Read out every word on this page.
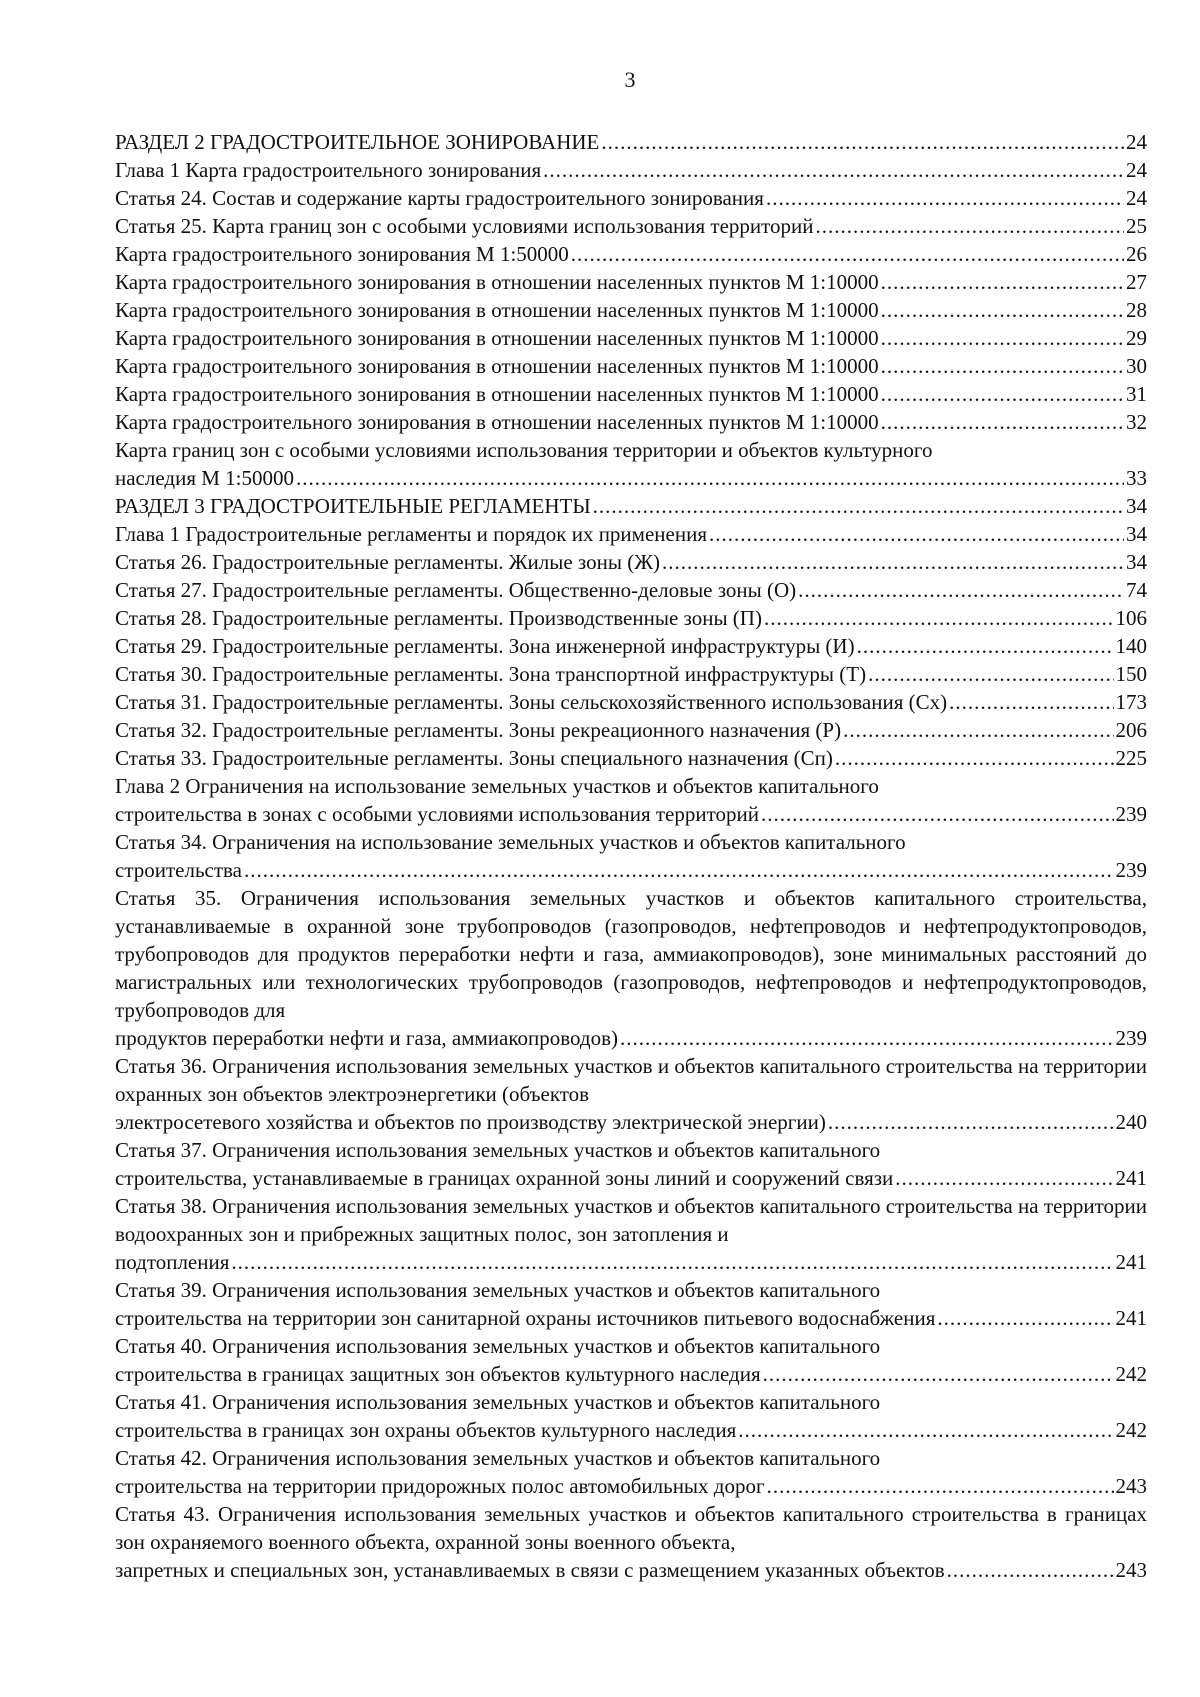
3
РАЗДЕЛ 2 ГРАДОСТРОИТЕЛЬНОЕ ЗОНИРОВАНИЕ .....	24
Глава 1 Карта градостроительного зонирования .....	24
Статья 24. Состав и содержание карты градостроительного зонирования .....	24
Статья 25. Карта границ зон с особыми условиями использования территорий .....	25
Карта градостроительного зонирования М 1:50000 .....	26
Карта градостроительного зонирования в отношении населенных пунктов М 1:10000 .....	27
Карта градостроительного зонирования в отношении населенных пунктов М 1:10000 .....	28
Карта градостроительного зонирования в отношении населенных пунктов М 1:10000 .....	29
Карта градостроительного зонирования в отношении населенных пунктов М 1:10000 .....	30
Карта градостроительного зонирования в отношении населенных пунктов М 1:10000 .....	31
Карта градостроительного зонирования в отношении населенных пунктов М 1:10000 .....	32
Карта границ зон с особыми условиями использования территории и объектов культурного
наследия М 1:50000 .....	33
РАЗДЕЛ 3 ГРАДОСТРОИТЕЛЬНЫЕ РЕГЛАМЕНТЫ .....	34
Глава 1 Градостроительные регламенты и порядок их применения .....	34
Статья 26. Градостроительные регламенты. Жилые зоны (Ж) .....	34
Статья 27. Градостроительные регламенты. Общественно-деловые зоны (О) .....	74
Статья 28. Градостроительные регламенты. Производственные зоны (П) .....	106
Статья 29. Градостроительные регламенты. Зона инженерной инфраструктуры (И) .....	140
Статья 30. Градостроительные регламенты. Зона транспортной инфраструктуры (Т) .....	150
Статья 31. Градостроительные регламенты. Зоны сельскохозяйственного использования (Сх) .....	173
Статья 32. Градостроительные регламенты. Зоны рекреационного назначения (Р) .....	206
Статья 33. Градостроительные регламенты. Зоны специального назначения (Сп) .....	225
Глава 2 Ограничения на использование земельных участков и объектов капитального
строительства в зонах с особыми условиями использования территорий .....	239
Статья 34. Ограничения на использование земельных участков и объектов капитального
строительства .....	239
Статья 35. Ограничения использования земельных участков и объектов капитального строительства, устанавливаемые в охранной зоне трубопроводов (газопроводов, нефтепроводов и нефтепродуктопроводов, трубопроводов для продуктов переработки нефти и газа, аммиакопроводов), зоне минимальных расстояний до магистральных или технологических трубопроводов (газопроводов, нефтепроводов и нефтепродуктопроводов, трубопроводов для
продуктов переработки нефти и газа, аммиакопроводов) .....	239
Статья 36. Ограничения использования земельных участков и объектов капитального строительства на территории охранных зон объектов электроэнергетики (объектов
электросетевого хозяйства и объектов по производству электрической энергии) .....	240
Статья 37. Ограничения использования земельных участков и объектов капитального
строительства, устанавливаемые в границах охранной зоны линий и сооружений связи .....	241
Статья 38. Ограничения использования земельных участков и объектов капитального строительства на территории водоохранных зон и прибрежных защитных полос, зон затопления и
подтопления .....	241
Статья 39. Ограничения использования земельных участков и объектов капитального
строительства на территории зон санитарной охраны источников питьевого водоснабжения .....	241
Статья 40. Ограничения использования земельных участков и объектов капитального
строительства в границах защитных зон объектов культурного наследия .....	242
Статья 41. Ограничения использования земельных участков и объектов капитального
строительства в границах зон охраны объектов культурного наследия .....	242
Статья 42. Ограничения использования земельных участков и объектов капитального
строительства на территории придорожных полос автомобильных дорог .....	243
Статья 43. Ограничения использования земельных участков и объектов капитального строительства в границах зон охраняемого военного объекта, охранной зоны военного объекта,
запретных и специальных зон, устанавливаемых в связи с размещением указанных объектов .....	243
